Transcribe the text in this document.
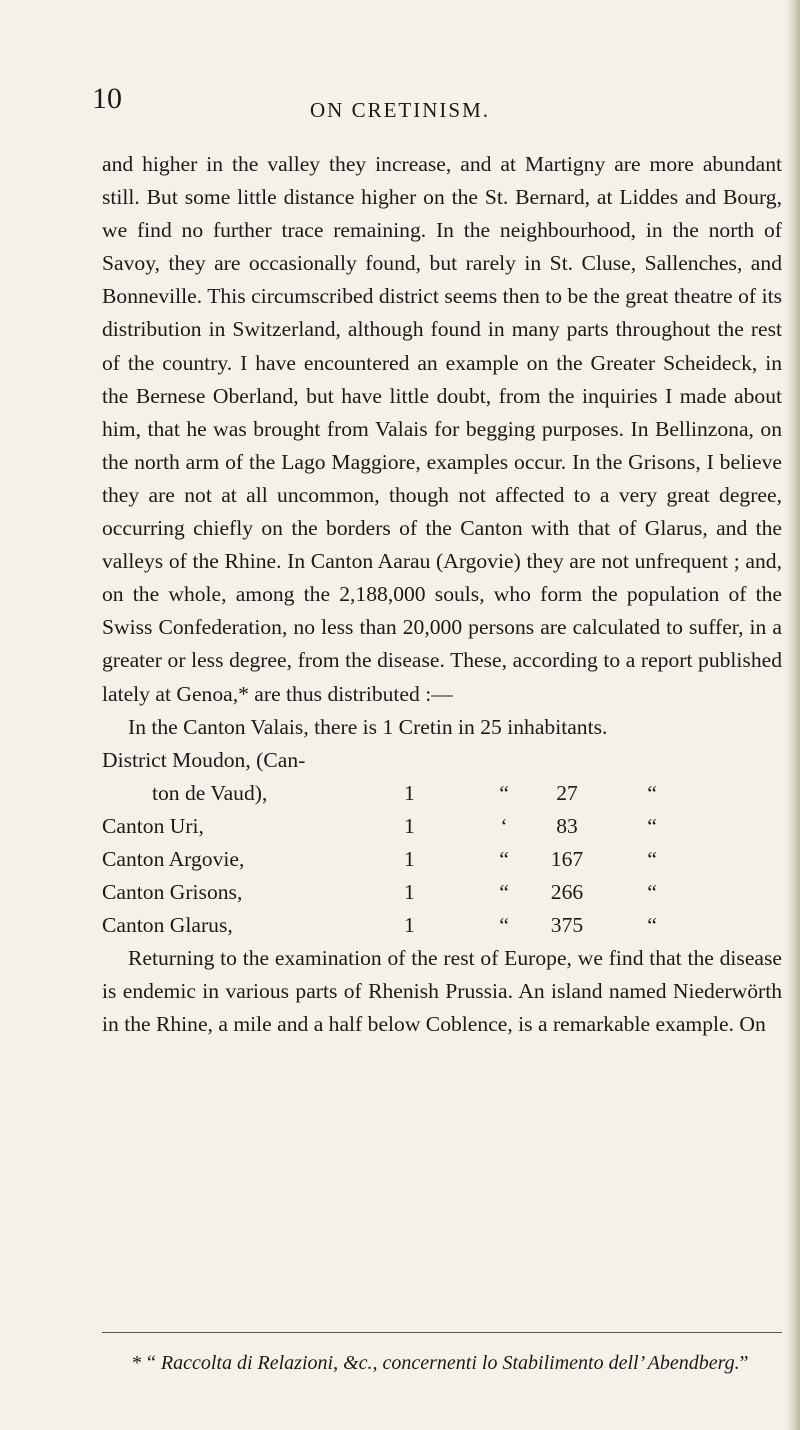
10	ON CRETINISM.

and higher in the valley they increase, and at Martigny are more abundant still. But some little distance higher on the St. Bernard, at Liddes and Bourg, we find no further trace remaining. In the neighbourhood, in the north of Savoy, they are occasionally found, but rarely in St. Cluse, Sallenches, and Bonneville. This circumscribed district seems then to be the great theatre of its distribution in Switzerland, although found in many parts throughout the rest of the country. I have encountered an example on the Greater Scheideck, in the Bernese Oberland, but have little doubt, from the inquiries I made about him, that he was brought from Valais for begging purposes. In Bellinzona, on the north arm of the Lago Maggiore, examples occur. In the Grisons, I believe they are not at all uncommon, though not affected to a very great degree, occurring chiefly on the borders of the Canton with that of Glarus, and the valleys of the Rhine. In Canton Aarau (Argovie) they are not unfrequent ; and, on the whole, among the 2,188,000 souls, who form the population of the Swiss Confederation, no less than 20,000 persons are calculated to suffer, in a greater or less degree, from the disease. These, according to a report published lately at Genoa,* are thus distributed :—

In the Canton Valais, there is 1 Cretin in 25 inhabitants.

District Moudon, (Can-				
ton de Vaud),	1	“	27	“
Canton Uri,	1	‘	83	“
Canton Argovie,	1	“	167	“
Canton Grisons,	1	“	266	“
Canton Glarus,	1	“	375	“

Returning to the examination of the rest of Europe, we find that the disease is endemic in various parts of Rhenish Prussia. An island named Niederwörth in the Rhine, a mile and a half below Coblence, is a remarkable example. On

* “ Raccolta di Relazioni, &c., concernenti lo Stabilimento dell’ Abendberg.”
